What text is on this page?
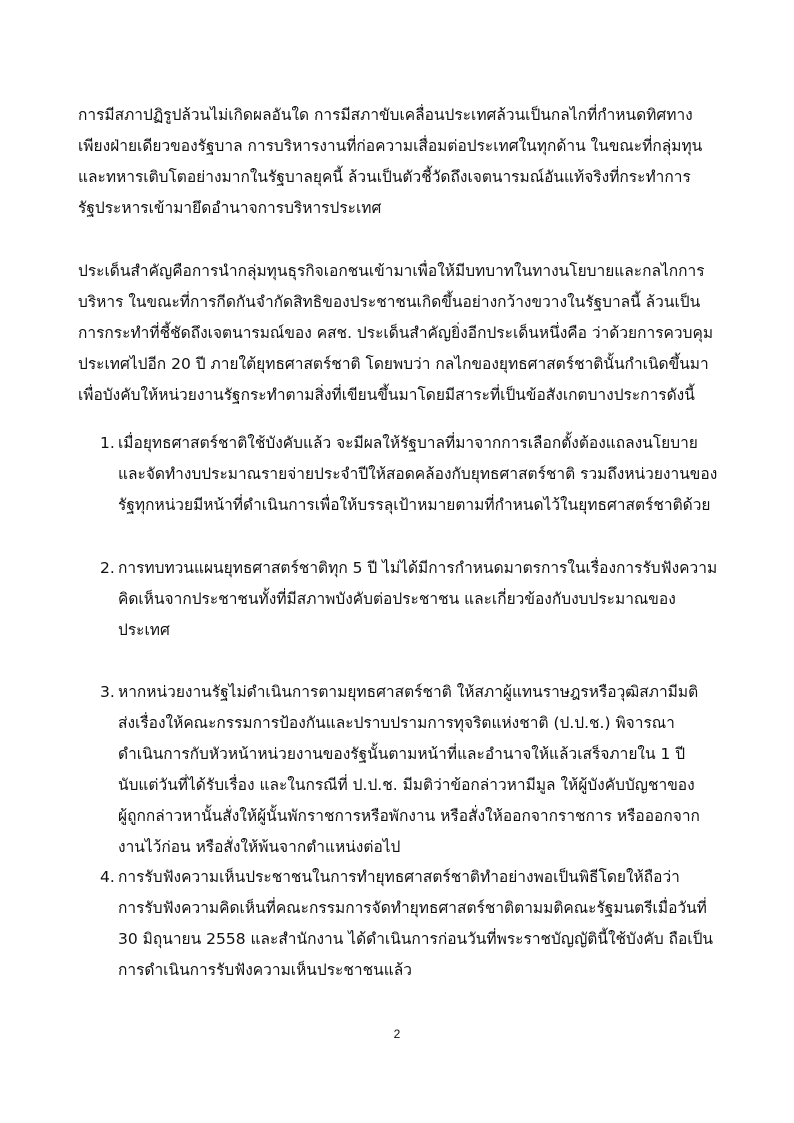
การมีสภาปฏิรูปล้วนไม่เกิดผลอันใด การมีสภาขับเคลื่อนประเทศล้วนเป็นกลไกที่กำหนดทิศทาง
เพียงฝ่ายเดียวของรัฐบาล การบริหารงานที่ก่อความเสื่อมต่อประเทศในทุกด้าน ในขณะที่กลุ่มทุน
และทหารเติบโตอย่างมากในรัฐบาลยุคนี้ ล้วนเป็นตัวชี้วัดถึงเจตนารมณ์อันแท้จริงที่กระทำการ
รัฐประหารเข้ามายึดอำนาจการบริหารประเทศ

ประเด็นสำคัญคือการนำกลุ่มทุนธุรกิจเอกชนเข้ามาเพื่อให้มีบทบาทในทางนโยบายและกลไกการ
บริหาร ในขณะที่การกีดกันจำกัดสิทธิของประชาชนเกิดขึ้นอย่างกว้างขวางในรัฐบาลนี้ ล้วนเป็น
การกระทำที่ชี้ชัดถึงเจตนารมณ์ของ คสช. ประเด็นสำคัญยิ่งอีกประเด็นหนึ่งคือ ว่าด้วยการควบคุม
ประเทศไปอีก 20 ปี ภายใต้ยุทธศาสตร์ชาติ โดยพบว่า กลไกของยุทธศาสตร์ชาตินั้นกำเนิดขึ้นมา
เพื่อบังคับให้หน่วยงานรัฐกระทำตามสิ่งที่เขียนขึ้นมาโดยมีสาระที่เป็นข้อสังเกตบางประการดังนี้

1. เมื่อยุทธศาสตร์ชาติใช้บังคับแล้ว จะมีผลให้รัฐบาลที่มาจากการเลือกตั้งต้องแถลงนโยบาย
และจัดทำงบประมาณรายจ่ายประจำปีให้สอดคล้องกับยุทธศาสตร์ชาติ รวมถึงหน่วยงานของ
รัฐทุกหน่วยมีหน้าที่ดำเนินการเพื่อให้บรรลุเป้าหมายตามที่กำหนดไว้ในยุทธศาสตร์ชาติด้วย
2. การทบทวนแผนยุทธศาสตร์ชาติทุก 5 ปี ไม่ได้มีการกำหนดมาตรการในเรื่องการรับฟังความ
คิดเห็นจากประชาชนทั้งที่มีสภาพบังคับต่อประชาชน และเกี่ยวข้องกับงบประมาณของ
ประเทศ
3. หากหน่วยงานรัฐไม่ดำเนินการตามยุทธศาสตร์ชาติ ให้สภาผู้แทนราษฎรหรือวุฒิสภามีมติ
ส่งเรื่องให้คณะกรรมการป้องกันและปราบปรามการทุจริตแห่งชาติ (ป.ป.ช.) พิจารณา
ดำเนินการกับหัวหน้าหน่วยงานของรัฐนั้นตามหน้าที่และอำนาจให้แล้วเสร็จภายใน 1 ปี
นับแต่วันที่ได้รับเรื่อง และในกรณีที่ ป.ป.ช. มีมติว่าข้อกล่าวหามีมูล ให้ผู้บังคับบัญชาของ
ผู้ถูกกล่าวหานั้นสั่งให้ผู้นั้นพักราชการหรือพักงาน หรือสั่งให้ออกจากราชการ หรือออกจาก
งานไว้ก่อน หรือสั่งให้พ้นจากตำแหน่งต่อไป
4. การรับฟังความเห็นประชาชนในการทำยุทธศาสตร์ชาติทำอย่างพอเป็นพิธีโดยให้ถือว่า
การรับฟังความคิดเห็นที่คณะกรรมการจัดทำยุทธศาสตร์ชาติตามมติคณะรัฐมนตรีเมื่อวันที่
30 มิถุนายน 2558 และสำนักงาน ได้ดำเนินการก่อนวันที่พระราชบัญญัตินี้ใช้บังคับ ถือเป็น
การดำเนินการรับฟังความเห็นประชาชนแล้ว
2
